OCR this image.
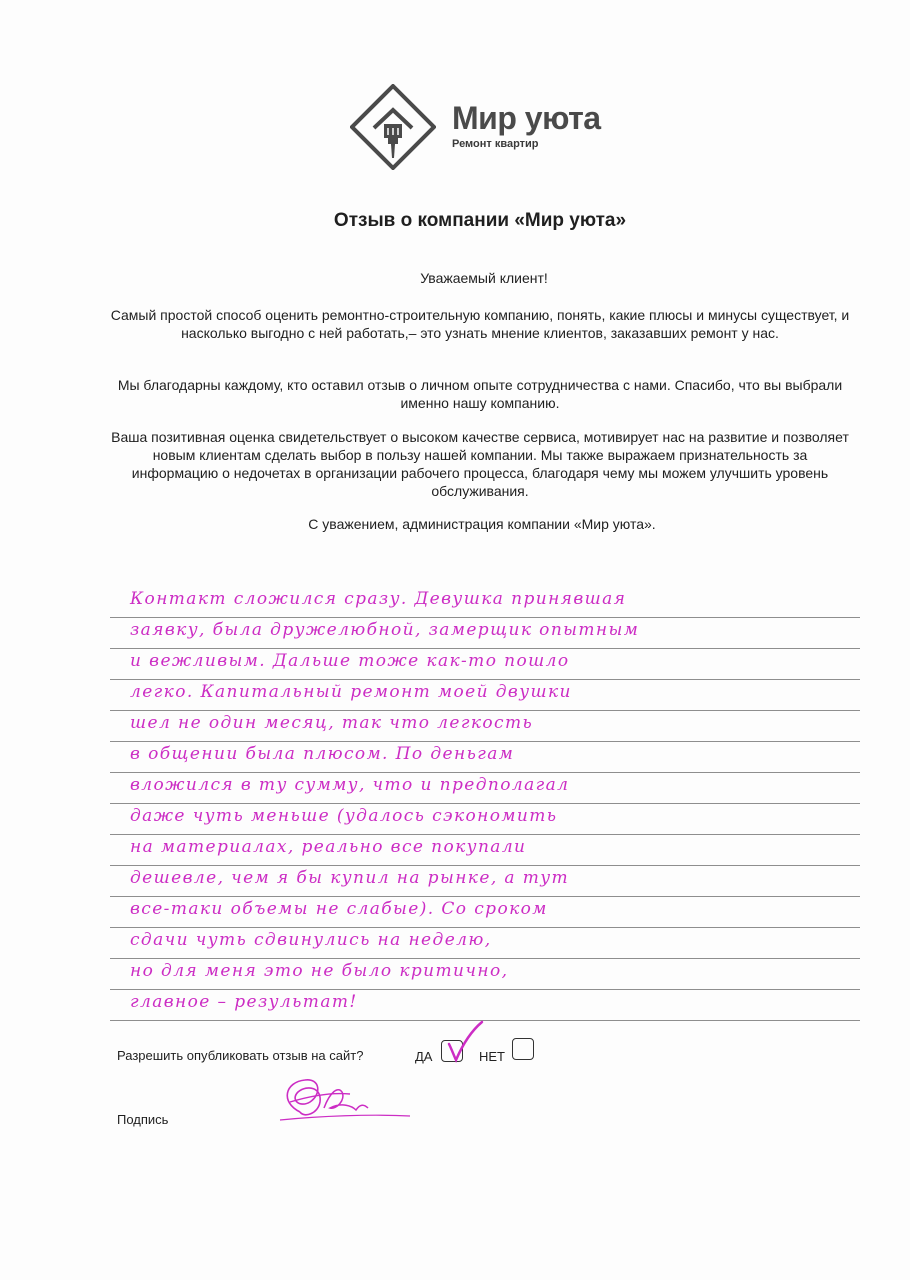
Мир уюта
Ремонт квартир
Отзыв о компании «Мир уюта»
Уважаемый клиент!
Самый простой способ оценить ремонтно-строительную компанию, понять, какие плюсы и минусы существует, и насколько выгодно с ней работать,– это узнать мнение клиентов, заказавших ремонт у нас.
Мы благодарны каждому, кто оставил отзыв о личном опыте сотрудничества с нами. Спасибо, что вы выбрали именно нашу компанию.
Ваша позитивная оценка свидетельствует о высоком качестве сервиса, мотивирует нас на развитие и позволяет новым клиентам сделать выбор в пользу нашей компании. Мы также выражаем признательность за информацию о недочетах в организации рабочего процесса, благодаря чему мы можем улучшить уровень обслуживания.
С уважением, администрация компании «Мир уюта».
Контакт сложился сразу. Девушка принявшая
заявку, была дружелюбной, замерщик опытным
и вежливым. Дальше тоже как-то пошло
легко. Капитальный ремонт моей двушки
шел не один месяц, так что легкость
в общении была плюсом. По деньгам
вложился в ту сумму, что и предполагал
даже чуть меньше (удалось сэкономить
на материалах, реально все покупали
дешевле, чем я бы купил на рынке, а тут
все-таки объемы не слабые). Со сроком
сдачи чуть сдвинулись на неделю,
но для меня это не было критично,
главное – результат!
Разрешить опубликовать отзыв на сайт?	ДА	НЕТ
Подпись
